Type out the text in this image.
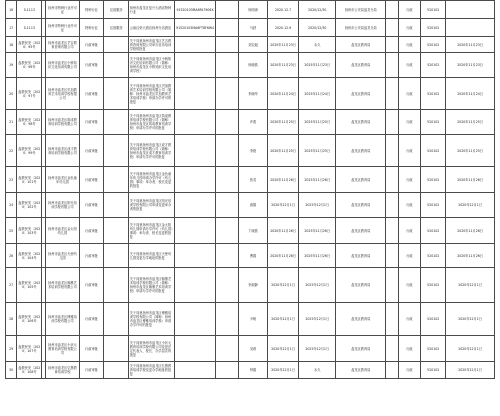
16	S.1113		扬州市特种行业许可证	特种行业	住宿服务	扬州市盘龙区复兴大酒店特种行业	91520103MA6FA7906X		杨明涛	2020.12.7	2020/12/30	扬州市公安局盘龙分局		行政	520102	
17	S.1113		扬州市特种行业许可证	特种行业	住宿服务	云南汉荣大酒店扬州分店酒店	91520103MA6FT8F6W4		马跃	2020.12.9	2020/12/30	扬州市公安局盘龙分局		行政	520102	
18	盘教民发〔2020〕95号		扬州市盘龙区艺吉教育咨询有限公司	行政审批		关于同意扬州市盘龙区艺吉教育咨询有限公司举办音乐培训学校的批复			刘宏毅	2020年11月23日	永久	盘龙区教育局		行政	520102	2020年11月23日
19	盘教民发〔2020〕96号		扬州市盘龙区小桥知识文化培训有限公司	行政审批		关于同意扬州市盘龙区小桥知识文化培训有限公司（简称：扬州市盘龙区小桥知识文化培训学校）			杨晓燕	2020年11月23日	2025年11月23日	盘龙区教育局		行政	520102	2020年11月23日
20	盘教民发〔2020〕97号		扬州市盘龙区贝加教育艺术培训学校有限公司	行政审批		关于同意扬州市盘龙区贝加教育艺术培训学校有限公司（简称：扬州市盘龙区贝加教育艺术培训学校）申请办学许可的批复			李晓华	2020年11月24日	2025年11月24日	盘龙区教育局		行政	520102	2020年11月24日
21	盘教民发〔2020〕98号		扬州市盘龙区筑成教育培训学校有限公司	行政审批		关于同意扬州市盘龙区筑成教育培训学校有限公司（简称：扬州市盘龙区筑成教育培训学校）申请办学许可的批复			许燕	2020年11月25日	2025年11月25日	盘龙区教育局		行政	520102	2020年11月25日
22	盘教民发〔2020〕99号		扬州市盘龙区成才教育培训学校有限公司	行政审批		关于同意扬州市盘龙区成才教育培训学校有限公司（简称：扬州市盘龙区成才教育培训学校）申请办学许可的批复			李艳	2020年11月25日	2025年11月25日	盘龙区教育局		行政	520102	2020年11月25日
23	盘教民发〔2020〕101号		扬州市盘龙区金色童年幼儿园	行政审批		关于同意扬州市盘龙区金色童年幼儿园申请办学许可（幼儿园）事项：举办者、校长变更的批复			张英	2020年11月26日	2025年11月26日	盘龙区教育局		行政	520102	2020年11月26日
24	盘教民发〔2020〕102号		扬州市盘龙区阳光培训学校有限公司	行政审批		关于同意扬州市盘龙区阳光培训学校有限公司申请变更举办者的批复			唐娟	2020年12月1日	2025年12月1日	盘龙区教育局		行政	520102	2020年12月1日
25	盘教民发〔2020〕103号		扬州市盘龙区金太阳幼儿园	行政审批		关于同意扬州市盘龙区金太阳幼儿园申请办学许可（幼儿园）事项：举办者、校长变更的批复			卞晓燕	2020年11月26日	2025年11月26日	盘龙区教育局		行政	520102	2020年11月26日
26	盘教民发〔2020〕104号		扬州市盘龙区天使幼儿园	行政审批		关于同意扬州市盘龙区天使幼儿园变更办学地址的批复			曹娟	2020年11月26日	2025年11月26日	盘龙区教育局		行政	520102	2020年11月26日
27	盘教民发〔2020〕105号		扬州市盘龙区翰墨艺术培训学校有限公司	行政审批		关于同意扬州市盘龙区翰墨艺术培训学校有限公司（简称：扬州市盘龙区翰墨艺术培训学校）申请办学许可的批复			李淑静	2020年12月1日	2025年12月1日	盘龙区教育局		行政	520102	2020年12月1日
28	盘教民发〔2020〕106号		扬州市盘龙区博雅培训学校有限公司	行政审批		关于同意扬州市盘龙区博雅培训学校有限公司（简称：扬州市盘龙区博雅培训学校）申请办学许可的批复			尹帆	2020年12月1日	2025年12月1日	盘龙区教育局		行政	520102	2020年12月1日
29	盘教民发〔2020〕107号		扬州市盘龙区小状元教育培训学校有限公司	行政审批		关于同意扬州市盘龙区小状元教育培训学校有限公司变更法定代表人、校长、办学层次的批复			吴莉	2020年12月1日	2025年12月1日	盘龙区教育局		行政	520102	2020年12月1日
30	盘教民发〔2020〕108号		扬州市盘龙区弘慧教育培训学校	行政审批		关于同意扬州市盘龙区弘慧教育培训学校变更办学地址的批复			钟娟	2020年12月1日	永久	盘龙区教育局		行政	520102	2020年12月1日
